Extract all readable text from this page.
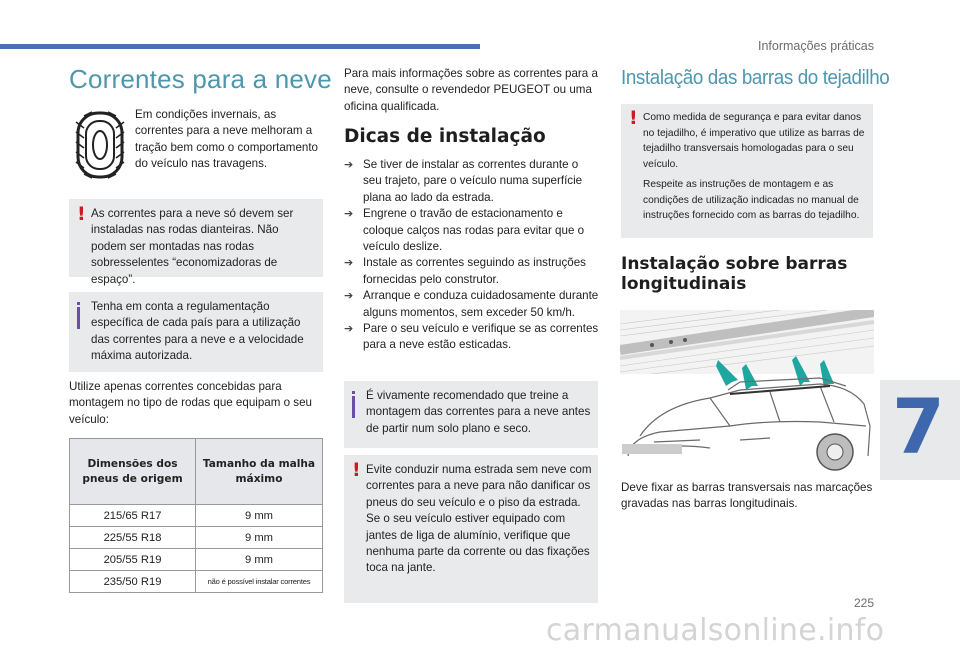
Informações práticas
Correntes para a neve
Em condições invernais, as correntes para a neve melhoram a tração bem como o comportamento do veículo nas travagens.
! As correntes para a neve só devem ser instaladas nas rodas dianteiras. Não podem ser montadas nas rodas sobresselentes “economizadoras de espaço”.
Tenha em conta a regulamentação específica de cada país para a utilização das correntes para a neve e a velocidade máxima autorizada.
Utilize apenas correntes concebidas para montagem no tipo de rodas que equipam o seu veículo:
Dimensões dos pneus de origem	Tamanho da malha máximo
215/65 R17	9 mm
225/55 R18	9 mm
205/55 R19	9 mm
235/50 R19	não é possível instalar correntes
Para mais informações sobre as correntes para a neve, consulte o revendedor PEUGEOT ou uma oficina qualificada.
Dicas de instalação
➔ Se tiver de instalar as correntes durante o seu trajeto, pare o veículo numa superfície plana ao lado da estrada.
➔ Engrene o travão de estacionamento e coloque calços nas rodas para evitar que o veículo deslize.
➔ Instale as correntes seguindo as instruções fornecidas pelo construtor.
➔ Arranque e conduza cuidadosamente durante alguns momentos, sem exceder 50 km/h.
➔ Pare o seu veículo e verifique se as correntes para a neve estão esticadas.
É vivamente recomendado que treine a montagem das correntes para a neve antes de partir num solo plano e seco.
! Evite conduzir numa estrada sem neve com correntes para a neve para não danificar os pneus do seu veículo e o piso da estrada. Se o seu veículo estiver equipado com jantes de liga de alumínio, verifique que nenhuma parte da corrente ou das fixações toca na jante.
Instalação das barras do tejadilho
! Como medida de segurança e para evitar danos no tejadilho, é imperativo que utilize as barras de tejadilho transversais homologadas para o seu veículo.
Respeite as instruções de montagem e as condições de utilização indicadas no manual de instruções fornecido com as barras do tejadilho.
Instalação sobre barras longitudinais
Deve fixar as barras transversais nas marcações gravadas nas barras longitudinais.
7
225
carmanualsonline.info
